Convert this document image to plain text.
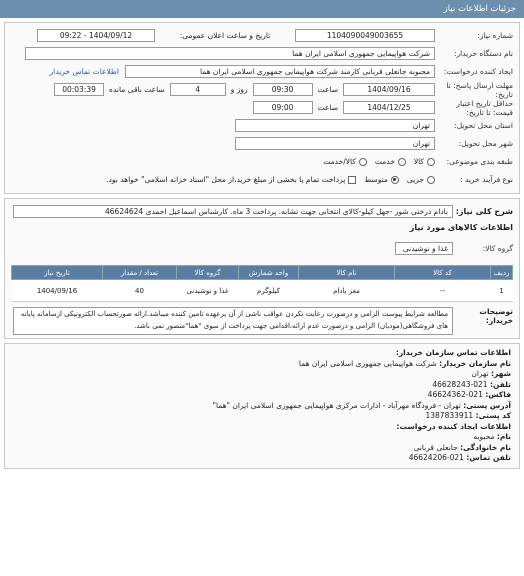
جزئیات اطلاعات نیاز
شماره نیاز:
1104090049003655
تاریخ و ساعت اعلان عمومی:
1404/09/12 - 09:22
نام دستگاه خریدار:
شرکت هواپیمایی جمهوری اسلامی ایران هما
ایجاد کننده درخواست:
محبوبه جانعلی قربانی کارمند شرکت هواپیمایی جمهوری اسلامی ایران هما
اطلاعات تماس خریدار
مهلت ارسال پاسخ: تا تاریخ:
1404/09/16
ساعت
09:30
روز و
4
ساعت باقی مانده
00:03:39
حداقل تاریخ اعتبار قیمت: تا تاریخ:
1404/12/25
ساعت
09:00
استان محل تحویل:
تهران
شهر محل تحویل:
تهران
طبقه بندی موضوعی:
کالا
خدمت
کالا/خدمت
نوع فرآیند خرید :
جزیی
متوسط
پرداخت تمام یا بخشی از مبلغ خرید،از محل "اسناد خزانه اسلامی" خواهد بود.
شرح کلی نیاز:
بادام درختی شور -جهل کیلو-کالای انتخابی جهت تشابه. پرداخت 3 ماه. کارشناس اسماعیل احمدی 46624624
اطلاعات کالاهای مورد نیاز
گروه کالا:
غذا و نوشیدنی
ردیف	کد کالا	نام کالا	واحد شمارش	گروه کالا	تعداد / مقدار	تاریخ نیاز
1	--	مغز بادام	کیلوگرم	غذا و نوشیدنی	40	1404/09/16
توضیحات خریدار:
مطالعه شرایط پیوست الزامی و درصورت رعایت نکردن عواقب ناشی از آن برعهده تامین کننده میباشد.ارائه صورتحساب الکترونیکی ازسامانه پایانه های فروشگاهی(مودیان) الزامی و درصورت عدم ارائه،اقدامی جهت پرداخت از سوی "هما"متصور نمی باشد.

اطلاعات تماس سازمان خریدار:

نام سازمان خریدار: شرکت هواپیمایی جمهوری اسلامی ایران هما

شهر: تهران

تلفن: 021-46628243

فاکس: 021-46624362

آدرس پستی: تهران - فرودگاه مهرآباد - ادارات مرکزی هواپیمایی جمهوری اسلامی ایران "هما"

کد پستی: 1387833911

اطلاعات ایجاد کننده درخواست:

نام: محبوبه

نام خانوادگی: جانعلی قربانی

تلفن تماس: 021-46624206
